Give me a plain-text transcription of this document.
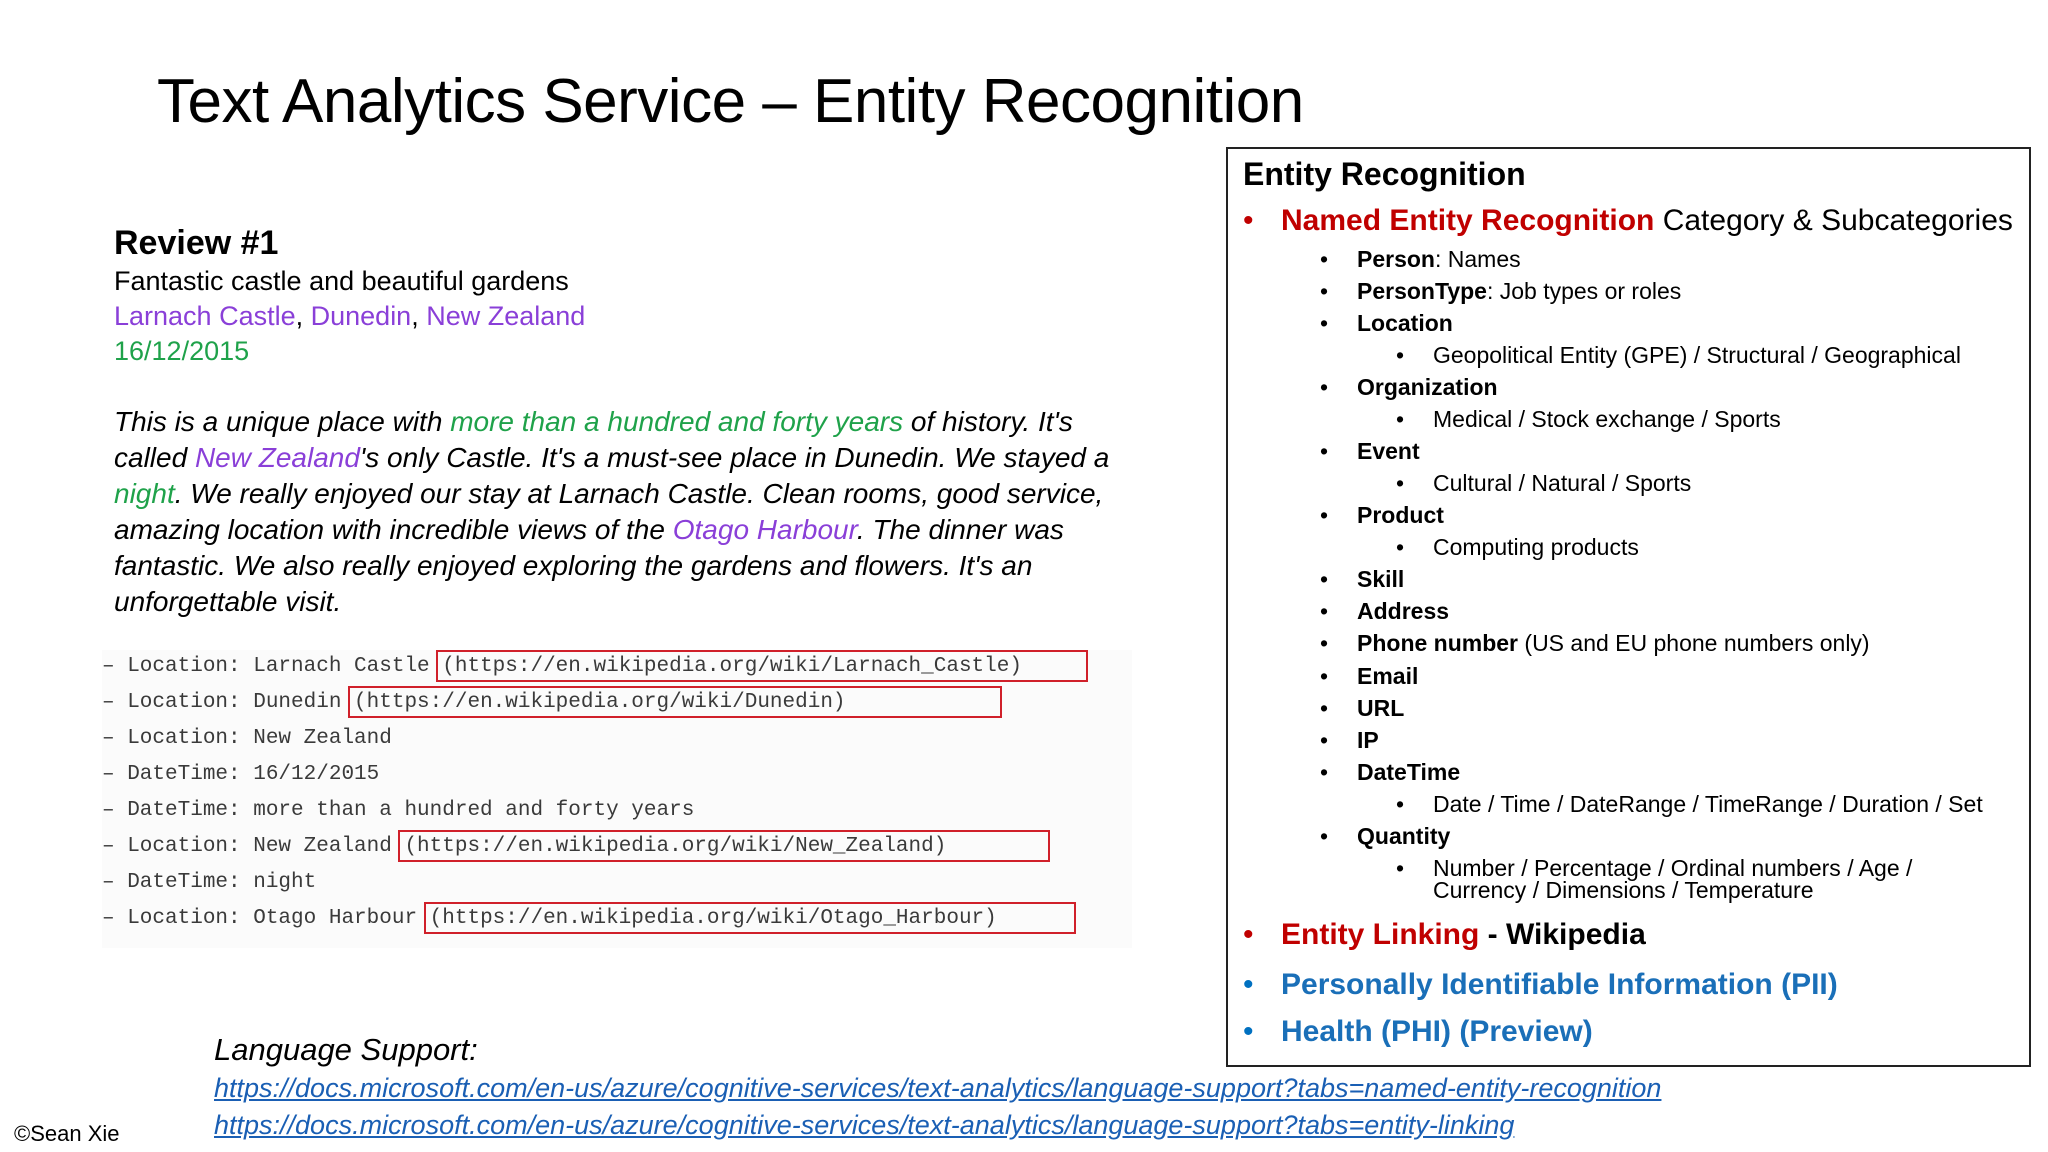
Text Analytics Service – Entity Recognition
Review #1
Fantastic castle and beautiful gardens
Larnach Castle, Dunedin, New Zealand
16/12/2015
This is a unique place with more than a hundred and forty years of history. It's called New Zealand's only Castle. It's a must-see place in Dunedin. We stayed a night. We really enjoyed our stay at Larnach Castle. Clean rooms, good service, amazing location with incredible views of the Otago Harbour. The dinner was fantastic. We also really enjoyed exploring the gardens and flowers. It's an unforgettable visit.
– Location: Larnach Castle
(https://en.wikipedia.org/wiki/Larnach_Castle)
– Location: Dunedin
(https://en.wikipedia.org/wiki/Dunedin)
– Location: New Zealand
– DateTime: 16/12/2015
– DateTime: more than a hundred and forty years
– Location: New Zealand
(https://en.wikipedia.org/wiki/New_Zealand)
– DateTime: night
– Location: Otago Harbour
(https://en.wikipedia.org/wiki/Otago_Harbour)
Entity Recognition
• Named Entity Recognition Category & Subcategories
• Person: Names
• PersonType: Job types or roles
• Location
• Geopolitical Entity (GPE) / Structural / Geographical
• Organization
• Medical / Stock exchange / Sports
• Event
• Cultural / Natural / Sports
• Product
• Computing products
• Skill
• Address
• Phone number (US and EU phone numbers only)
• Email
• URL
• IP
• DateTime
• Date / Time / DateRange / TimeRange / Duration / Set
• Quantity
• Number / Percentage / Ordinal numbers / Age / Currency / Dimensions / Temperature
• Entity Linking - Wikipedia
• Personally Identifiable Information (PII)
• Health (PHI) (Preview)
Language Support:
https://docs.microsoft.com/en-us/azure/cognitive-services/text-analytics/language-support?tabs=named-entity-recognition
https://docs.microsoft.com/en-us/azure/cognitive-services/text-analytics/language-support?tabs=entity-linking
©Sean Xie
